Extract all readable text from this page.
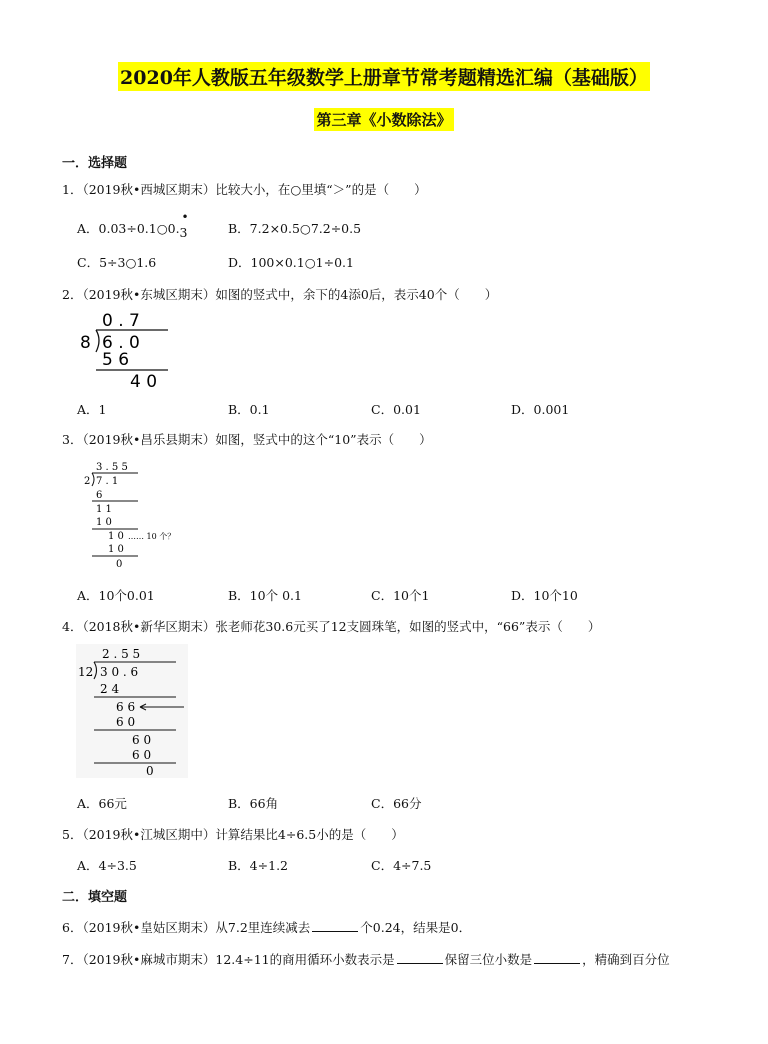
2020年人教版五年级数学上册章节常考题精选汇编（基础版）
第三章《小数除法》
一．选择题
1．（2019秋•西城区期末）比较大小，在○里填“＞”的是（　　）
A．0.03÷0.1○0.
•
3	B．7.2×0.5○7.2÷0.5
C．5÷3○1.6	D．100×0.1○1÷0.1
2．（2019秋•东城区期末）如图的竖式中，余下的4添0后，表示40个（　　）
0 . 7
8 6 . 0
5 6
4 0
A．1	B．0.1	C．0.01	D．0.001
3．（2019秋•昌乐县期末）如图，竖式中的这个“10”表示（　　）
3 . 5 5
2 7 . 1
6
1 1
1 0
1 0 …… 10 个？
1 0
0
A．10个0.01	B．10个 0.1	C．10个1	D．10个10
4．（2018秋•新华区期末）张老师花30.6元买了12支圆珠笔，如图的竖式中，“66”表示（　　）
2 . 5 5
12 3 0 . 6
2 4
6 6
6 0
6 0
6 0
0
A．66元	B．66角	C．66分
5．（2019秋•江城区期中）计算结果比4÷6.5小的是（　　）
A．4÷3.5	B．4÷1.2	C．4÷7.5
二．填空题
6．（2019秋•皇姑区期末）从7.2里连续减去	个0.24，结果是0．
7．（2019秋•麻城市期末）12.4÷11的商用循环小数表示是	保留三位小数是	，精确到百分位
